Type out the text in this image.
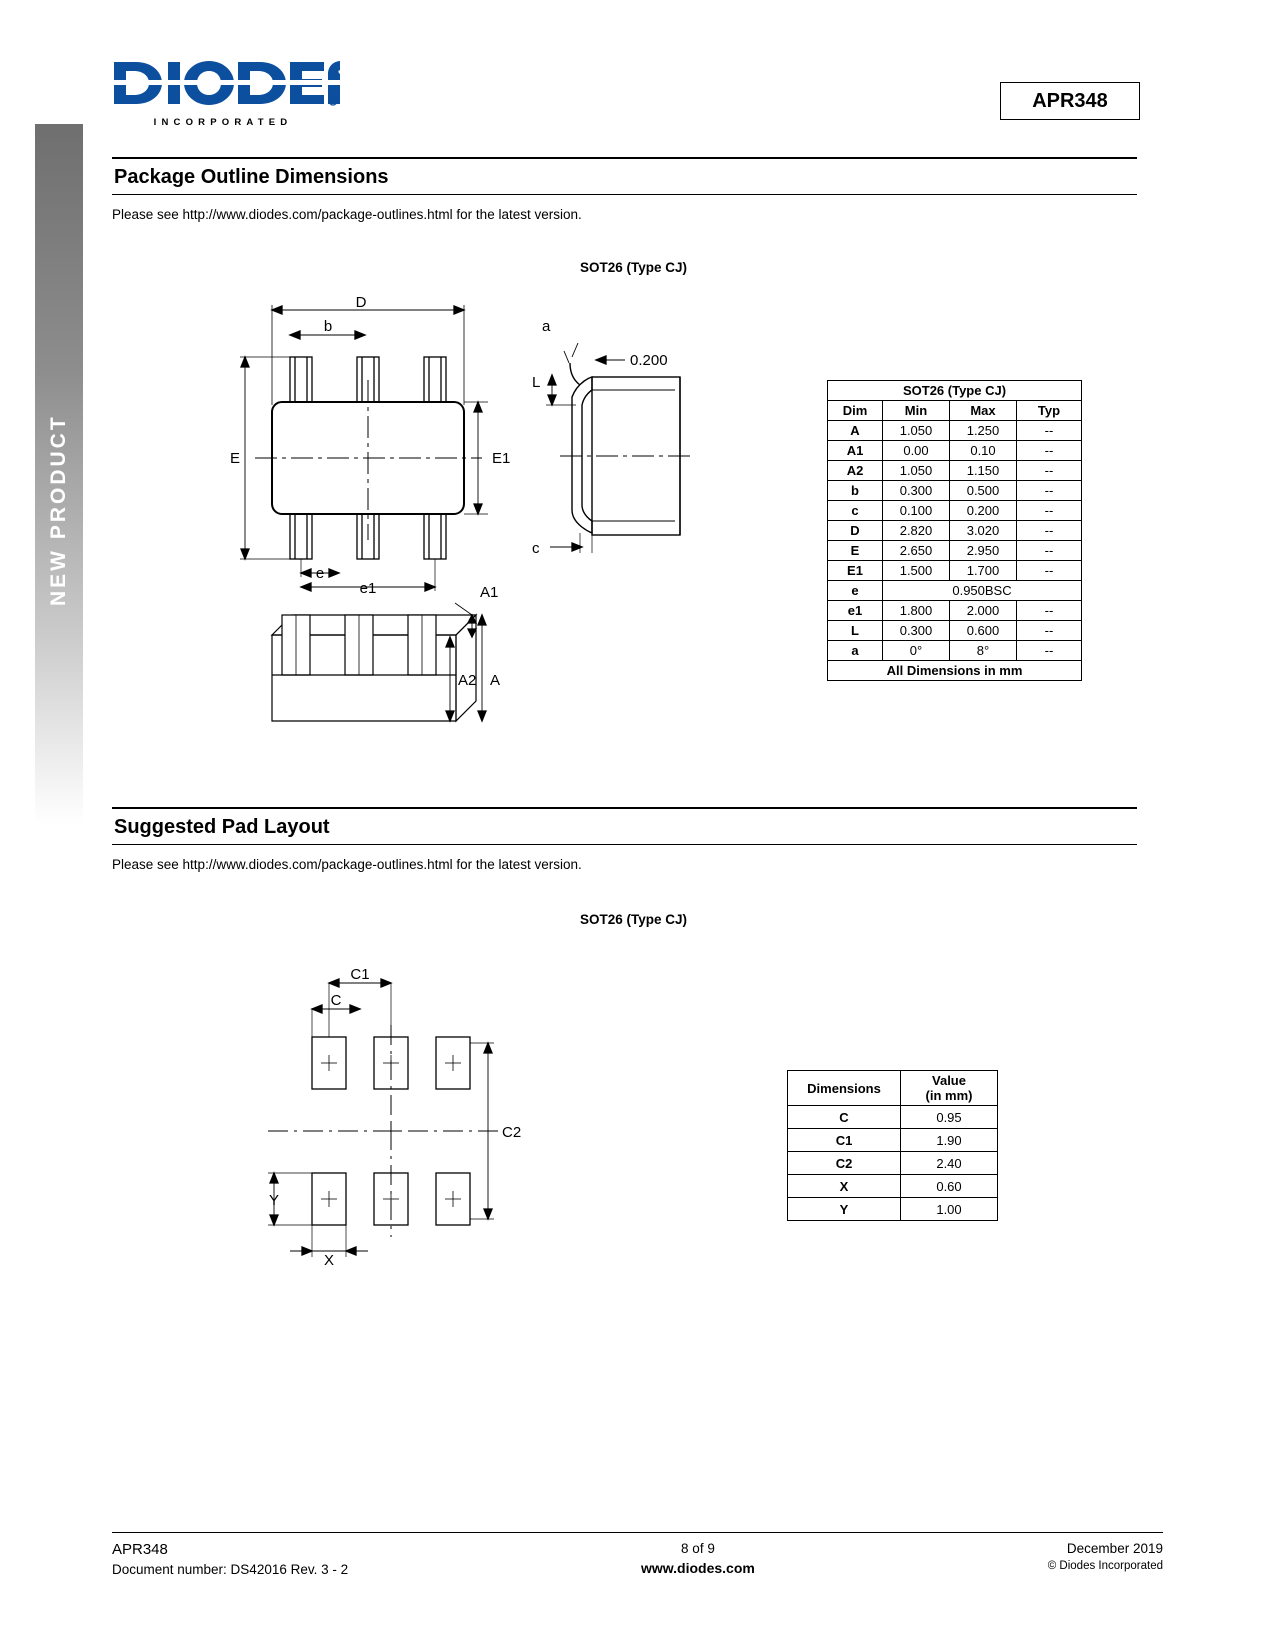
NEW PRODUCT
R
INCORPORATED
APR348
Package Outline Dimensions
Please see http://www.diodes.com/package-outlines.html for the latest version.
SOT26 (Type CJ)
D
b
E	E1
e
e1
a
L
c
0.200
A1
A2 A
SOT26 (Type CJ)			
Dim	Min	Max	Typ
A	1.050	1.250	--
A1	0.00	0.10	--
A2	1.050	1.150	--
b	0.300	0.500	--
c	0.100	0.200	--
D	2.820	3.020	--
E	2.650	2.950	--
E1	1.500	1.700	--
e	0.950BSC		
e1	1.800	2.000	--
L	0.300	0.600	--
a	0°	8°	--
All Dimensions in mm			
Suggested Pad Layout
Please see http://www.diodes.com/package-outlines.html for the latest version.
SOT26 (Type CJ)
C1
C
C2
Y
X
Dimensions	Value
(in mm)

C	0.95
C1	1.90
C2	2.40
X	0.60
Y	1.00
APR348
Document number: DS42016 Rev. 3 - 2
8 of 9
www.diodes.com
December 2019
© Diodes Incorporated
